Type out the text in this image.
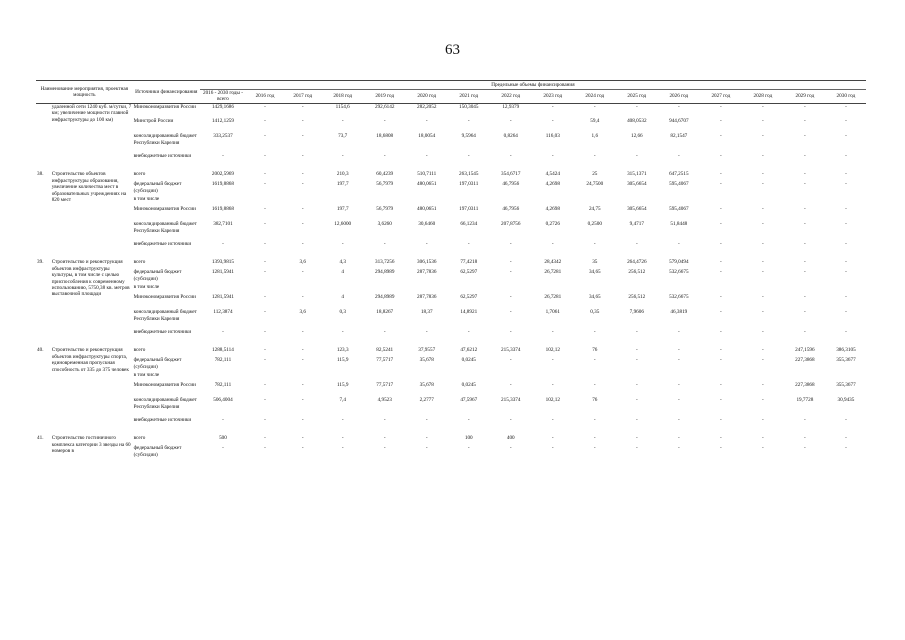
63
Наименование мероприятия, проектная мощность		Источники финансирования	Предельные объемы финансирования															
			2016 - 2030 годы - всего	2016 год	2017 год	2018 год	2019 год	2020 год	2021 год	2022 год	2023 год	2024 год	2025 год	2026 год	2027 год	2028 год	2029 год	2030 год
	удаленной сети 1240 куб. м/сутки, 7 км; увеличение мощности главной инфраструктуры до 100 км)	Минэкономразвития России	1429,1686	-	-	1154,6	292,6142	282,2052	150,3045	12,9379	-	-	-	-	-	-	-	-
		Минстрой России	1412,1259	-	-	-	-	-	-	-	-	59,4	408,0532	944,6707	-	-	-	-
		консолидированный бюджет Республики Карелия	333,2537	-	-	73,7	18,6808	18,0054	9,5964	0,8264	116,03	1,6	12,66	82,1547	-	-	-	-
		внебюджетные источники	-	-	-	-	-	-	-	-	-	-	-	-	-	-	-	-

38.	Строительство объектов инфраструктуры образования, увеличение количества мест в образовательных учреждениях на 820 мест	всего	2002,5969	-	-	210,3	60,4239	510,7111	263,1545	354,6717	4,5424	25	315,1371	647,2515	-	-	-	-
		федеральный бюджет (субсидии)	1619,8868	-	-	197,7	56,7979	480,0651	197,0311	46,7956	4,2698	24,7500	305,6654	595,4067	-	-	-	-
		в том числе																
		Минэкономразвития России	1619,8868	-	-	197,7	56,7979	480,0651	197,0311	46,7956	4,2698	24,75	305,6654	595,4067	-	-	-	-
		консолидированный бюджет Республики Карелия	382,7101	-	-	12,6000	3,6260	30,6460	66,1234	207,8756	0,2726	0,2500	9,4717	51,8448	-	-	-	-
		внебюджетные источники	-	-	-	-	-	-	-	-	-	-	-	-	-	-	-	-

39.	Строительство и реконструкция объектов инфраструктуры культуры, в том числе с целью приспособления к современному использованию, 5750,38 кв. метров выставочной площади	всего	1393,9815	-	3,6	4,3	313,7256	306,1536	77,4218	-	28,4342	35	264,4726	579,0494	-	-	-	-
		федеральный бюджет (субсидии)	1281,5941	-	-	4	294,8989	287,7836	62,5297	-	26,7281	34,65	256,512	532,6675	-	-	-	-
		в том числе																
		Минэкономразвития России	1281,5941	-	-	4	294,8989	287,7836	62,5297	-	26,7281	34,65	256,512	532,6675	-	-	-	-
		консолидированный бюджет Республики Карелия	112,3874	-	3,6	0,3	18,8267	18,37	14,8921	-	1,7061	0,35	7,9606	46,3819	-	-	-	-
		внебюджетные источники	-	-	-	-	-	-	-	-	-	-	-	-	-	-	-	-

40.	Строительство и реконструкция объектов инфраструктуры спорта, единовременная пропускная способность от 335 до 375 человек	всего	1288,5114	-	-	123,3	82,5241	37,9557	47,6212	215,3374	102,12	76	-	-	-	-	247,1596	386,3105
		федеральный бюджет (субсидии)	782,111	-	-	115,9	77,5717	35,678	0,0245	-	-	-	-	-	-	-	227,3868	355,3677
		в том числе																
		Минэкономразвития России	782,111	-	-	115,9	77,5717	35,678	0,0245	-	-	-	-	-	-	-	227,3868	355,3677
		консолидированный бюджет Республики Карелия	506,4004	-	-	7,4	4,9523	2,2777	47,5967	215,3374	102,12	76	-	-	-	-	19,7728	30,9435
		внебюджетные источники	-	-	-	-	-	-	-	-	-	-	-	-	-	-	-	-

41.	Строительство гостиничного комплекса категории 3 звезды на 60 номеров в	всего	500	-	-	-	-	-	100	400	-	-	-	-	-	-	-	-
		федеральный бюджет (субсидии)	-	-	-	-	-	-	-	-	-	-	-	-	-	-	-	-
